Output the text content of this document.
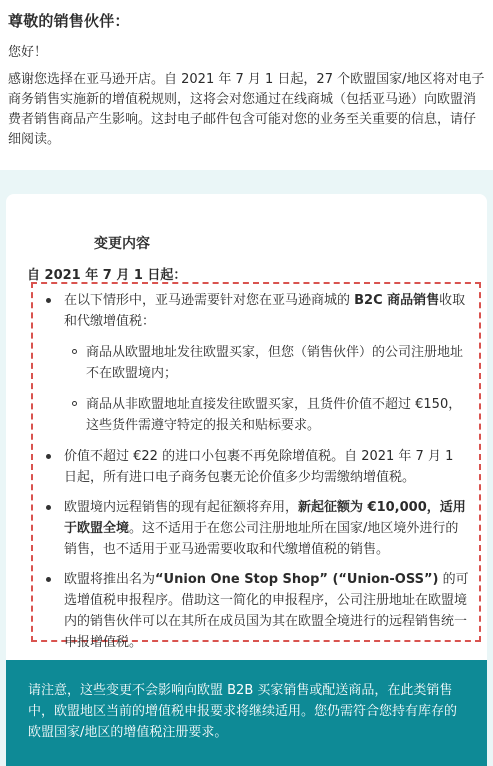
尊敬的销售伙伴：
您好！

感谢您选择在亚马逊开店。自 2021 年 7 月 1 日起，27 个欧盟国家/地区将对电子商务销售实施新的增值税规则，这将会对您通过在线商城（包括亚马逊）向欧盟消费者销售商品产生影响。这封电子邮件包含可能对您的业务至关重要的信息，请仔细阅读。

变更内容
自 2021 年 7 月 1 日起：
在以下情形中，亚马逊需要针对您在亚马逊商城的 B2C 商品销售收取和代缴增值税：
商品从欧盟地址发往欧盟买家，但您（销售伙伴）的公司注册地址不在欧盟境内；
商品从非欧盟地址直接发往欧盟买家，且货件价值不超过 €150，这些货件需遵守特定的报关和贴标要求。
价值不超过 €22 的进口小包裹不再免除增值税。自 2021 年 7 月 1 日起，所有进口电子商务包裹无论价值多少均需缴纳增值税。
欧盟境内远程销售的现有起征额将弃用，新起征额为 €10,000，适用于欧盟全境。这不适用于在您公司注册地址所在国家/地区境外进行的销售，也不适用于亚马逊需要收取和代缴增值税的销售。
欧盟将推出名为“Union One Stop Shop” (“Union-OSS”) 的可选增值税申报程序。借助这一简化的申报程序，公司注册地址在欧盟境内的销售伙伴可以在其所在成员国为其在欧盟全境进行的远程销售统一申报增值税。
请注意，这些变更不会影响向欧盟 B2B 买家销售或配送商品，在此类销售中，欧盟地区当前的增值税申报要求将继续适用。您仍需符合您持有库存的欧盟国家/地区的增值税注册要求。
